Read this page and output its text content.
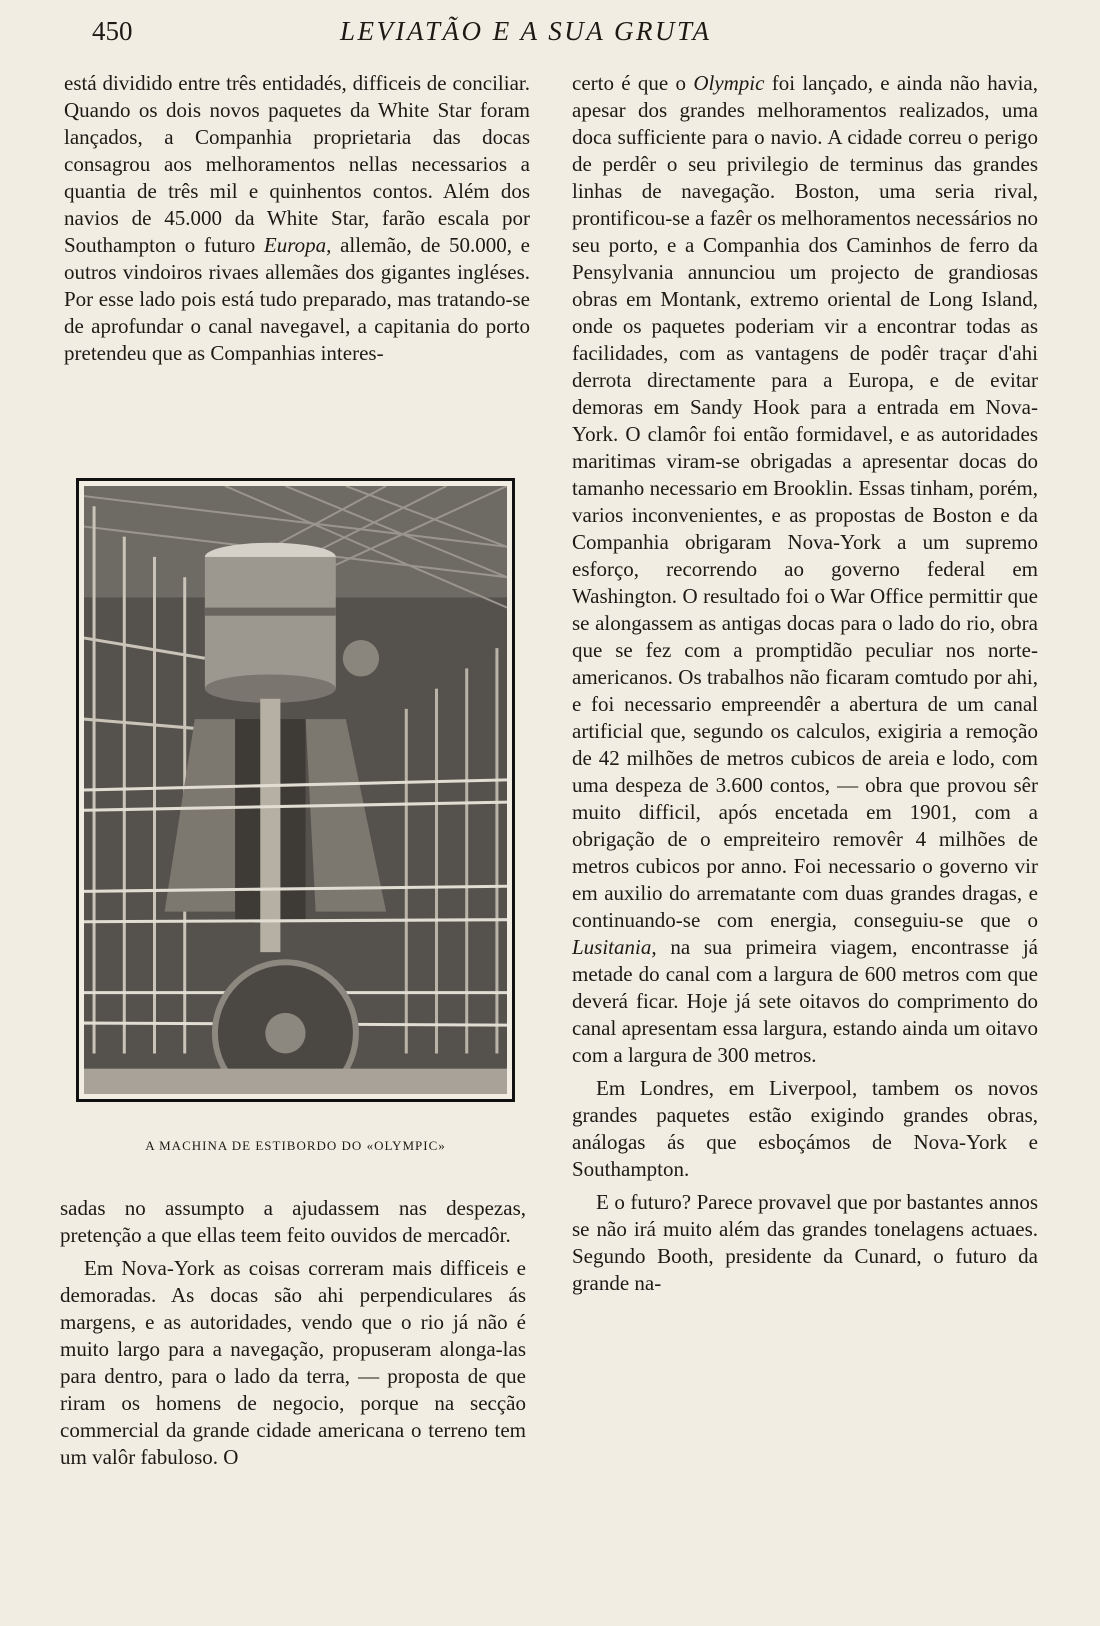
450	LEVIATÃO E A SUA GRUTA

está dividido entre três entidadés, difficeis de conciliar. Quando os dois novos paquetes da White Star foram lançados, a Companhia proprietaria das docas consagrou aos melhoramentos nellas necessarios a quantia de três mil e quinhentos contos. Além dos navios de 45.000 da White Star, farão escala por Southampton o futuro Europa, allemão, de 50.000, e outros vindoiros rivaes allemães dos gigantes ingléses. Por esse lado pois está tudo preparado, mas tratando-se de aprofundar o canal navegavel, a capitania do porto pretendeu que as Companhias interes-

A MACHINA DE ESTIBORDO DO «OLYMPIC»

sadas no assumpto a ajudassem nas despezas, pretenção a que ellas teem feito ouvidos de mercadôr.

Em Nova-York as coisas correram mais difficeis e demoradas. As docas são ahi perpendiculares ás margens, e as autoridades, vendo que o rio já não é muito largo para a navegação, propuseram alonga-las para dentro, para o lado da terra, — proposta de que riram os homens de negocio, porque na secção commercial da grande cidade americana o terreno tem um valôr fabuloso. O

certo é que o Olympic foi lançado, e ainda não havia, apesar dos grandes melhoramentos realizados, uma doca sufficiente para o navio. A cidade correu o perigo de perdêr o seu privilegio de terminus das grandes linhas de navegação. Boston, uma seria rival, prontificou-se a fazêr os melhoramentos necessários no seu porto, e a Companhia dos Caminhos de ferro da Pensylvania annunciou um projecto de grandiosas obras em Montank, extremo oriental de Long Island, onde os paquetes poderiam vir a encontrar todas as facilidades, com as vantagens de podêr traçar d'ahi derrota directamente para a Europa, e de evitar demoras em Sandy Hook para a entrada em Nova-York. O clamôr foi então formidavel, e as autoridades maritimas viram-se obrigadas a apresentar docas do tamanho necessario em Brooklin. Essas tinham, porém, varios inconvenientes, e as propostas de Boston e da Companhia obrigaram Nova-York a um supremo esforço, recorrendo ao governo federal em Washington. O resultado foi o War Office permittir que se alongassem as antigas docas para o lado do rio, obra que se fez com a promptidão peculiar nos norte-americanos. Os trabalhos não ficaram comtudo por ahi, e foi necessario empreendêr a abertura de um canal artificial que, segundo os calculos, exigiria a remoção de 42 milhões de metros cubicos de areia e lodo, com uma despeza de 3.600 contos, — obra que provou sêr muito difficil, após encetada em 1901, com a obrigação de o empreiteiro removêr 4 milhões de metros cubicos por anno. Foi necessario o governo vir em auxilio do arrematante com duas grandes dragas, e continuando-se com energia, conseguiu-se que o Lusitania, na sua primeira viagem, encontrasse já metade do canal com a largura de 600 metros com que deverá ficar. Hoje já sete oitavos do comprimento do canal apresentam essa largura, estando ainda um oitavo com a largura de 300 metros.

Em Londres, em Liverpool, tambem os novos grandes paquetes estão exigindo grandes obras, análogas ás que esboçámos de Nova-York e Southampton.

E o futuro? Parece provavel que por bastantes annos se não irá muito além das grandes tonelagens actuaes. Segundo Booth, presidente da Cunard, o futuro da grande na-
